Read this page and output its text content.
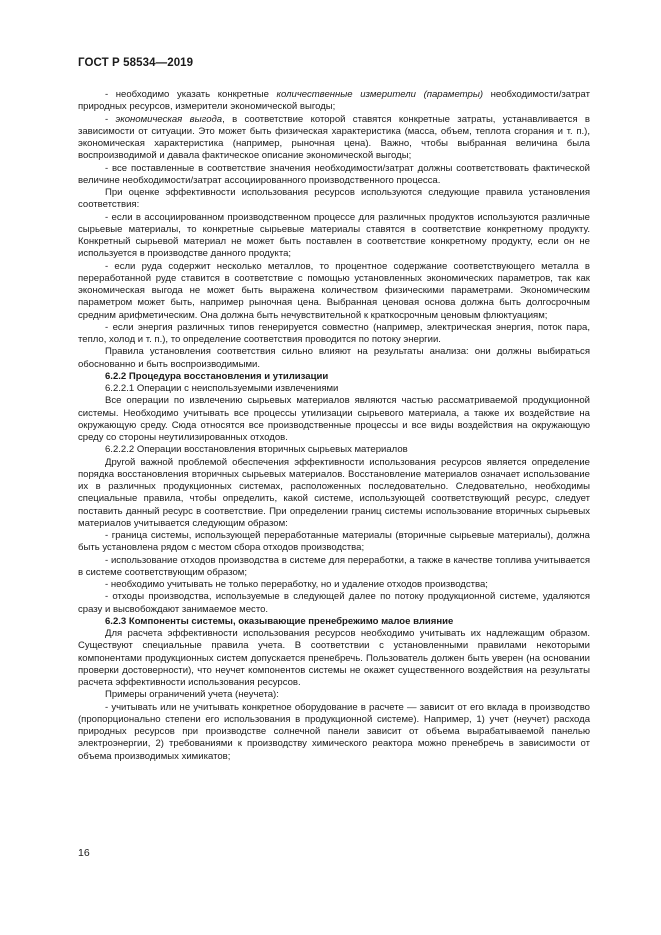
ГОСТ Р 58534—2019

- необходимо указать конкретные количественные измерители (параметры) необходимости/затрат природных ресурсов, измерители экономической выгоды;

- экономическая выгода, в соответствие которой ставятся конкретные затраты, устанавливается в зависимости от ситуации. Это может быть физическая характеристика (масса, объем, теплота сгорания и т. п.), экономическая характеристика (например, рыночная цена). Важно, чтобы выбранная величина была воспроизводимой и давала фактическое описание экономической выгоды;

- все поставленные в соответствие значения необходимости/затрат должны соответствовать фактической величине необходимости/затрат ассоциированного производственного процесса.

При оценке эффективности использования ресурсов используются следующие правила установления соответствия:

- если в ассоциированном производственном процессе для различных продуктов используются различные сырьевые материалы, то конкретные сырьевые материалы ставятся в соответствие конкретному продукту. Конкретный сырьевой материал не может быть поставлен в соответствие конкретному продукту, если он не используется в производстве данного продукта;

- если руда содержит несколько металлов, то процентное содержание соответствующего металла в переработанной руде ставится в соответствие с помощью установленных экономических параметров, так как экономическая выгода не может быть выражена количеством физическими параметрами. Экономическим параметром может быть, например рыночная цена. Выбранная ценовая основа должна быть долгосрочным средним арифметическим. Она должна быть нечувствительной к краткосрочным ценовым флюктуациям;

- если энергия различных типов генерируется совместно (например, электрическая энергия, поток пара, тепло, холод и т. п.), то определение соответствия проводится по потоку энергии.

Правила установления соответствия сильно влияют на результаты анализа: они должны выбираться обоснованно и быть воспроизводимыми.

6.2.2 Процедура восстановления и утилизации

6.2.2.1 Операции с неиспользуемыми извлечениями

Все операции по извлечению сырьевых материалов являются частью рассматриваемой продукционной системы. Необходимо учитывать все процессы утилизации сырьевого материала, а также их воздействие на окружающую среду. Сюда относятся все производственные процессы и все виды воздействия на окружающую среду со стороны неутилизированных отходов.

6.2.2.2 Операции восстановления вторичных сырьевых материалов

Другой важной проблемой обеспечения эффективности использования ресурсов является определение порядка восстановления вторичных сырьевых материалов. Восстановление материалов означает использование их в различных продукционных системах, расположенных последовательно. Следовательно, необходимы специальные правила, чтобы определить, какой системе, использующей соответствующий ресурс, следует поставить данный ресурс в соответствие. При определении границ системы использование вторичных сырьевых материалов учитывается следующим образом:

- граница системы, использующей переработанные материалы (вторичные сырьевые материалы), должна быть установлена рядом с местом сбора отходов производства;

- использование отходов производства в системе для переработки, а также в качестве топлива учитывается в системе соответствующим образом;

- необходимо учитывать не только переработку, но и удаление отходов производства;

- отходы производства, используемые в следующей далее по потоку продукционной системе, удаляются сразу и высвобождают занимаемое место.

6.2.3 Компоненты системы, оказывающие пренебрежимо малое влияние

Для расчета эффективности использования ресурсов необходимо учитывать их надлежащим образом. Существуют специальные правила учета. В соответствии с установленными правилами некоторыми компонентами продукционных систем допускается пренебречь. Пользователь должен быть уверен (на основании проверки достоверности), что неучет компонентов системы не окажет существенного воздействия на результаты расчета эффективности использования ресурсов.

Примеры ограничений учета (неучета):

- учитывать или не учитывать конкретное оборудование в расчете — зависит от его вклада в производство (пропорционально степени его использования в продукционной системе). Например, 1) учет (неучет) расхода природных ресурсов при производстве солнечной панели зависит от объема вырабатываемой панелью электроэнергии, 2) требованиями к производству химического реактора можно пренебречь в зависимости от объема производимых химикатов;

16
